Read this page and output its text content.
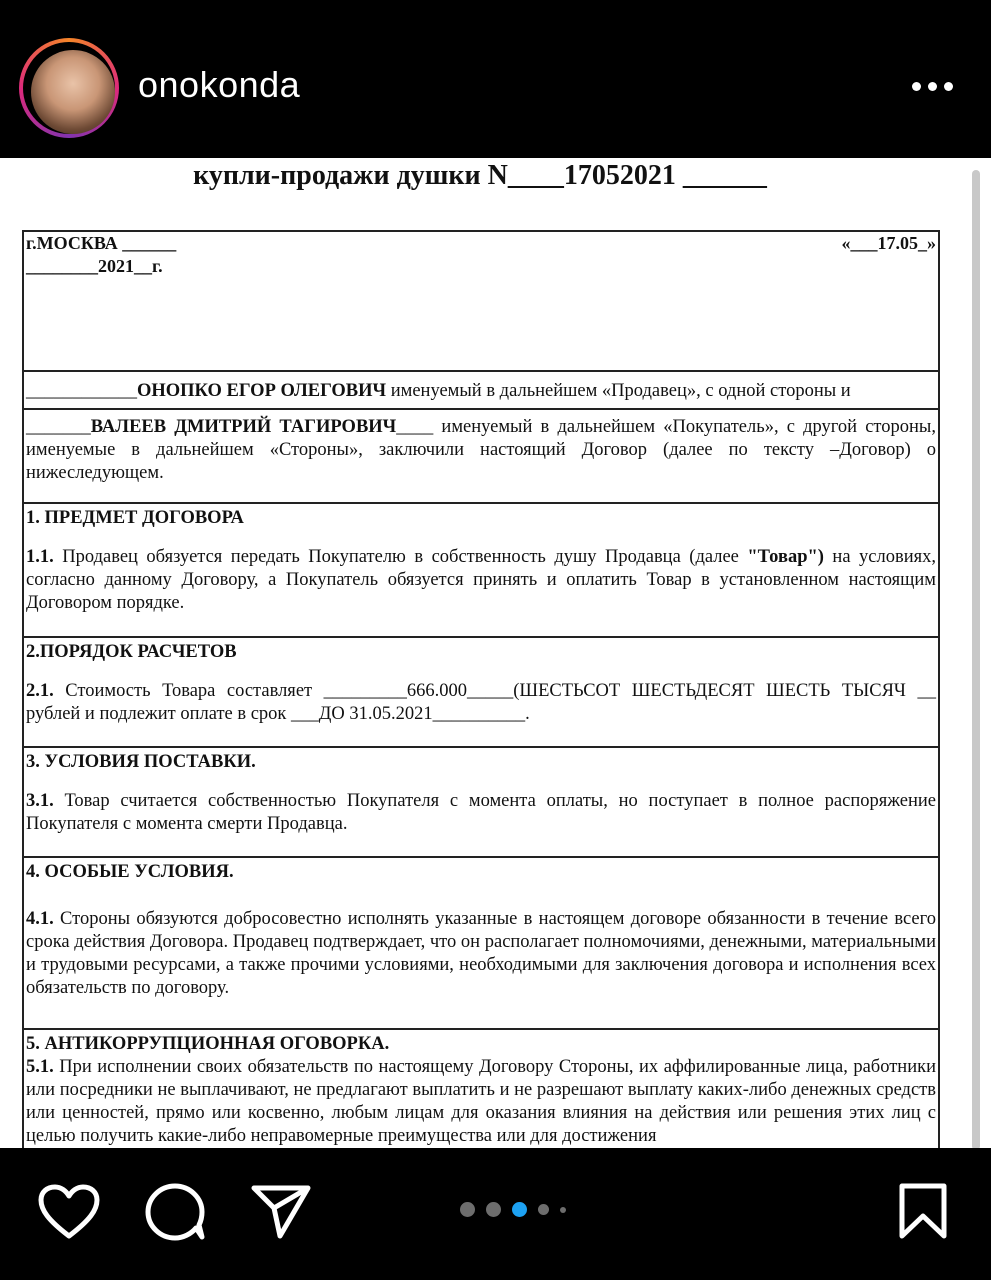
onokonda
купли-продажи душки N____17052021 ______
г.МОСКВА ______
________2021__г.
«___17.05_»
____________ОНОПКО ЕГОР ОЛЕГОВИЧ именуемый в дальнейшем «Продавец», с одной стороны и
_______ВАЛЕЕВ ДМИТРИЙ ТАГИРОВИЧ____ именуемый в дальнейшем «Покупатель», с другой стороны, именуемые в дальнейшем «Стороны», заключили настоящий Договор (далее по тексту –Договор) о нижеследующем.
1. ПРЕДМЕТ ДОГОВОРА

1.1. Продавец обязуется передать Покупателю в собственность душу Продавца (далее "Товар") на условиях, согласно данному Договору, а Покупатель обязуется принять и оплатить Товар в установленном настоящим Договором порядке.

2.ПОРЯДОК РАСЧЕТОВ

2.1. Стоимость Товара составляет _________666.000_____(ШЕСТЬСОТ ШЕСТЬДЕСЯТ ШЕСТЬ ТЫСЯЧ __ рублей и подлежит оплате в срок ___ДО 31.05.2021__________.

3. УСЛОВИЯ ПОСТАВКИ.

3.1. Товар считается собственностью Покупателя с момента оплаты, но поступает в полное распоряжение Покупателя с момента смерти Продавца.

4. ОСОБЫЕ УСЛОВИЯ.

4.1. Стороны обязуются добросовестно исполнять указанные в настоящем договоре обязанности в течение всего срока действия Договора. Продавец подтверждает, что он располагает полномочиями, денежными, материальными и трудовыми ресурсами, а также прочими условиями, необходимыми для заключения договора и исполнения всех обязательств по договору.

5. АНТИКОРРУПЦИОННАЯ ОГОВОРКА.

5.1. При исполнении своих обязательств по настоящему Договору Стороны, их аффилированные лица, работники или посредники не выплачивают, не предлагают выплатить и не разрешают выплату каких-либо денежных средств или ценностей, прямо или косвенно, любым лицам для оказания влияния на действия или решения этих лиц с целью получить какие-либо неправомерные преимущества или для достижения
